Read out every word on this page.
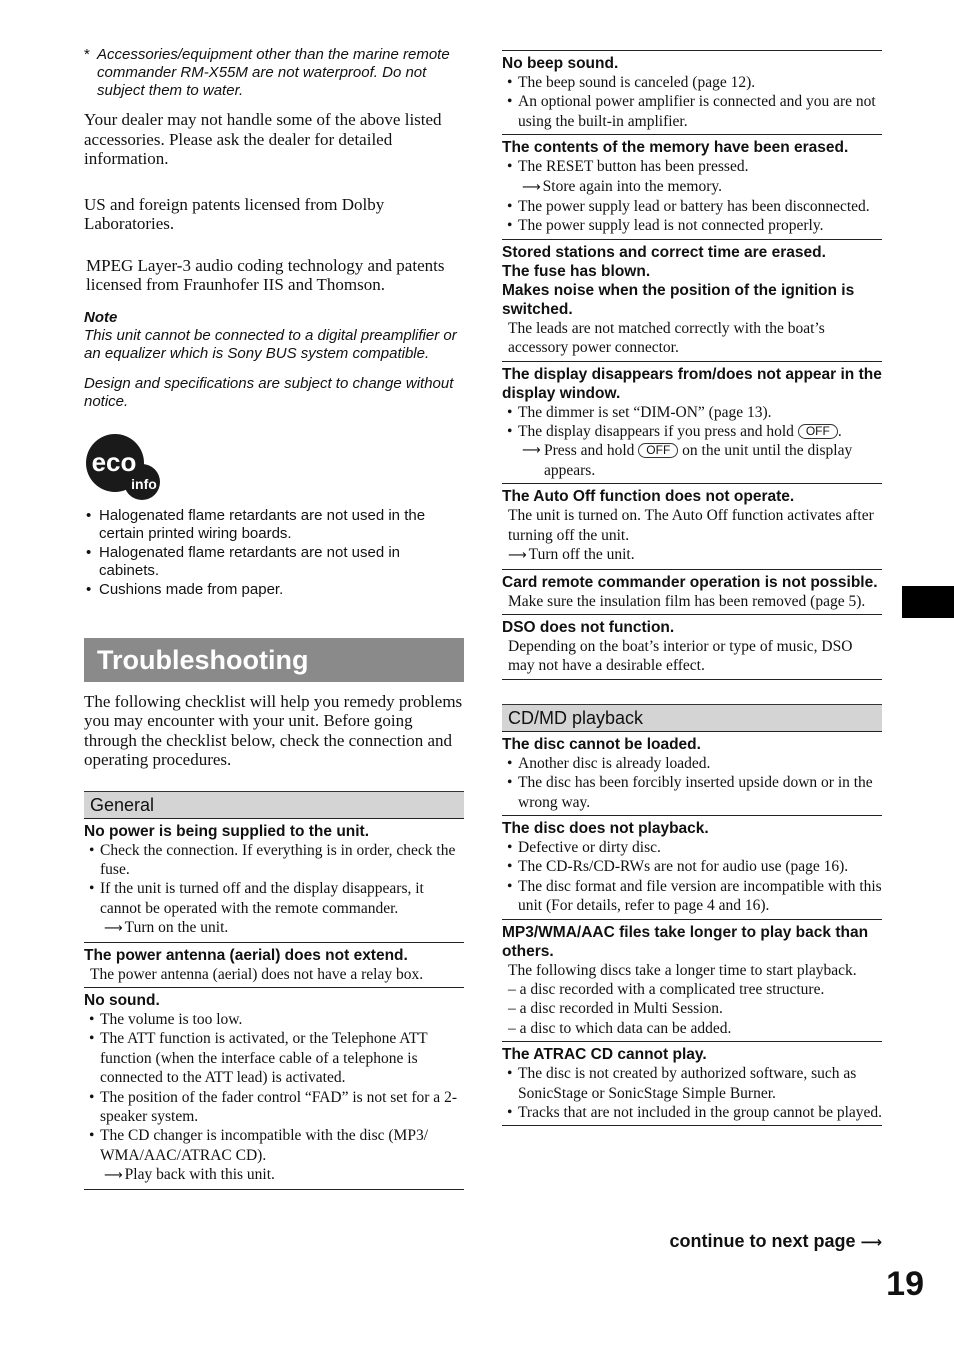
* Accessories/equipment other than the marine remote commander RM-X55M are not waterproof. Do not subject them to water.

Your dealer may not handle some of the above listed accessories. Please ask the dealer for detailed information.

US and foreign patents licensed from Dolby Laboratories.

MPEG Layer-3 audio coding technology and patents licensed from Fraunhofer IIS and Thomson.

Note
This unit cannot be connected to a digital preamplifier or an equalizer which is Sony BUS system compatible.
Design and specifications are subject to change without notice.
eco
info
• Halogenated flame retardants are not used in the certain printed wiring boards.
• Halogenated flame retardants are not used in cabinets.
• Cushions made from paper.
Troubleshooting

The following checklist will help you remedy problems you may encounter with your unit. Before going through the checklist below, check the connection and operating procedures.

General
No power is being supplied to the unit.
• Check the connection. If everything is in order, check the fuse.
• If the unit is turned off and the display disappears, it cannot be operated with the remote commander.
⟶ Turn on the unit.
The power antenna (aerial) does not extend.
The power antenna (aerial) does not have a relay box.
No sound.
• The volume is too low.
• The ATT function is activated, or the Telephone ATT function (when the interface cable of a telephone is connected to the ATT lead) is activated.
• The position of the fader control “FAD” is not set for a 2-speaker system.
• The CD changer is incompatible with the disc (MP3/ WMA/AAC/ATRAC CD).
⟶ Play back with this unit.
No beep sound.
• The beep sound is canceled (page 12).
• An optional power amplifier is connected and you are not using the built-in amplifier.
The contents of the memory have been erased.
• The RESET button has been pressed.
⟶ Store again into the memory.
• The power supply lead or battery has been disconnected.
• The power supply lead is not connected properly.
Stored stations and correct time are erased.
The fuse has blown.
Makes noise when the position of the ignition is switched.
The leads are not matched correctly with the boat’s accessory power connector.
The display disappears from/does not appear in the display window.
• The dimmer is set “DIM-ON” (page 13).
• The display disappears if you press and hold OFF .
⟶ Press and hold OFF on the unit until the display appears.
The Auto Off function does not operate.
The unit is turned on. The Auto Off function activates after turning off the unit.
⟶ Turn off the unit.
Card remote commander operation is not possible.
Make sure the insulation film has been removed (page 5).
DSO does not function.
Depending on the boat’s interior or type of music, DSO may not have a desirable effect.
CD/MD playback
The disc cannot be loaded.
• Another disc is already loaded.
• The disc has been forcibly inserted upside down or in the wrong way.
The disc does not playback.
• Defective or dirty disc.
• The CD-Rs/CD-RWs are not for audio use (page 16).
• The disc format and file version are incompatible with this unit (For details, refer to page 4 and 16).
MP3/WMA/AAC files take longer to play back than others.
The following discs take a longer time to start playback.
– a disc recorded with a complicated tree structure.
– a disc recorded in Multi Session.
– a disc to which data can be added.
The ATRAC CD cannot play.
• The disc is not created by authorized software, such as SonicStage or SonicStage Simple Burner.
• Tracks that are not included in the group cannot be played.
continue to next page ⟶
19
